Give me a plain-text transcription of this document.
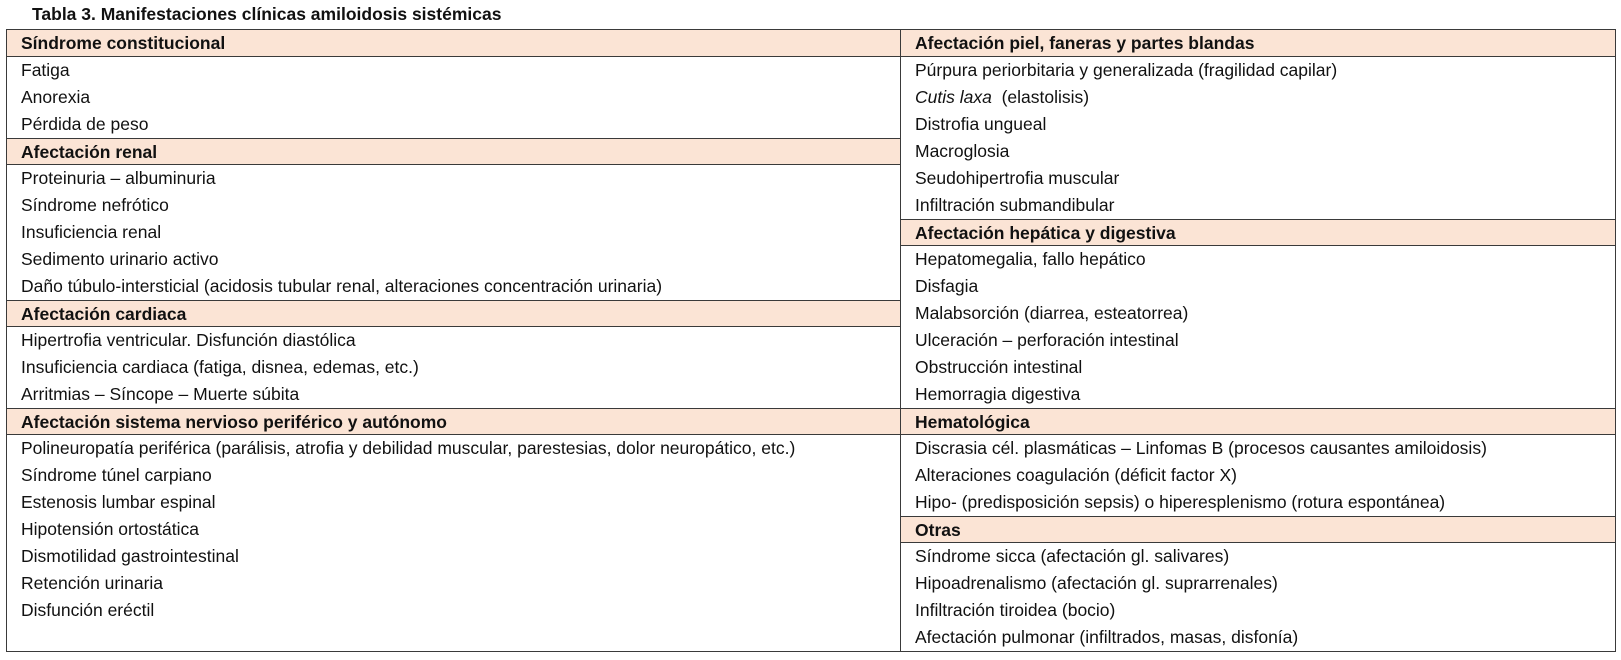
Tabla 3. Manifestaciones clínicas amiloidosis sistémicas
Síndrome constitucional
Fatiga
Anorexia
Pérdida de peso
Afectación renal
Proteinuria – albuminuria
Síndrome nefrótico
Insuficiencia renal
Sedimento urinario activo
Daño túbulo-intersticial (acidosis tubular renal, alteraciones concentración urinaria)
Afectación cardiaca
Hipertrofia ventricular. Disfunción diastólica
Insuficiencia cardiaca (fatiga, disnea, edemas, etc.)
Arritmias – Síncope – Muerte súbita
Afectación sistema nervioso periférico y autónomo
Polineuropatía periférica (parálisis, atrofia y debilidad muscular, parestesias, dolor neuropático, etc.)
Síndrome túnel carpiano
Estenosis lumbar espinal
Hipotensión ortostática
Dismotilidad gastrointestinal
Retención urinaria
Disfunción eréctil
Afectación piel, faneras y partes blandas
Púrpura periorbitaria y generalizada (fragilidad capilar)
Cutis laxa  (elastolisis)
Distrofia ungueal
Macroglosia
Seudohipertrofia muscular
Infiltración submandibular
Afectación hepática y digestiva
Hepatomegalia, fallo hepático
Disfagia
Malabsorción (diarrea, esteatorrea)
Ulceración – perforación intestinal
Obstrucción intestinal
Hemorragia digestiva
Hematológica
Discrasia cél. plasmáticas – Linfomas B (procesos causantes amiloidosis)
Alteraciones coagulación (déficit factor X)
Hipo- (predisposición sepsis) o hiperesplenismo (rotura espontánea)
Otras
Síndrome sicca (afectación gl. salivares)
Hipoadrenalismo (afectación gl. suprarrenales)
Infiltración tiroidea (bocio)
Afectación pulmonar (infiltrados, masas, disfonía)
